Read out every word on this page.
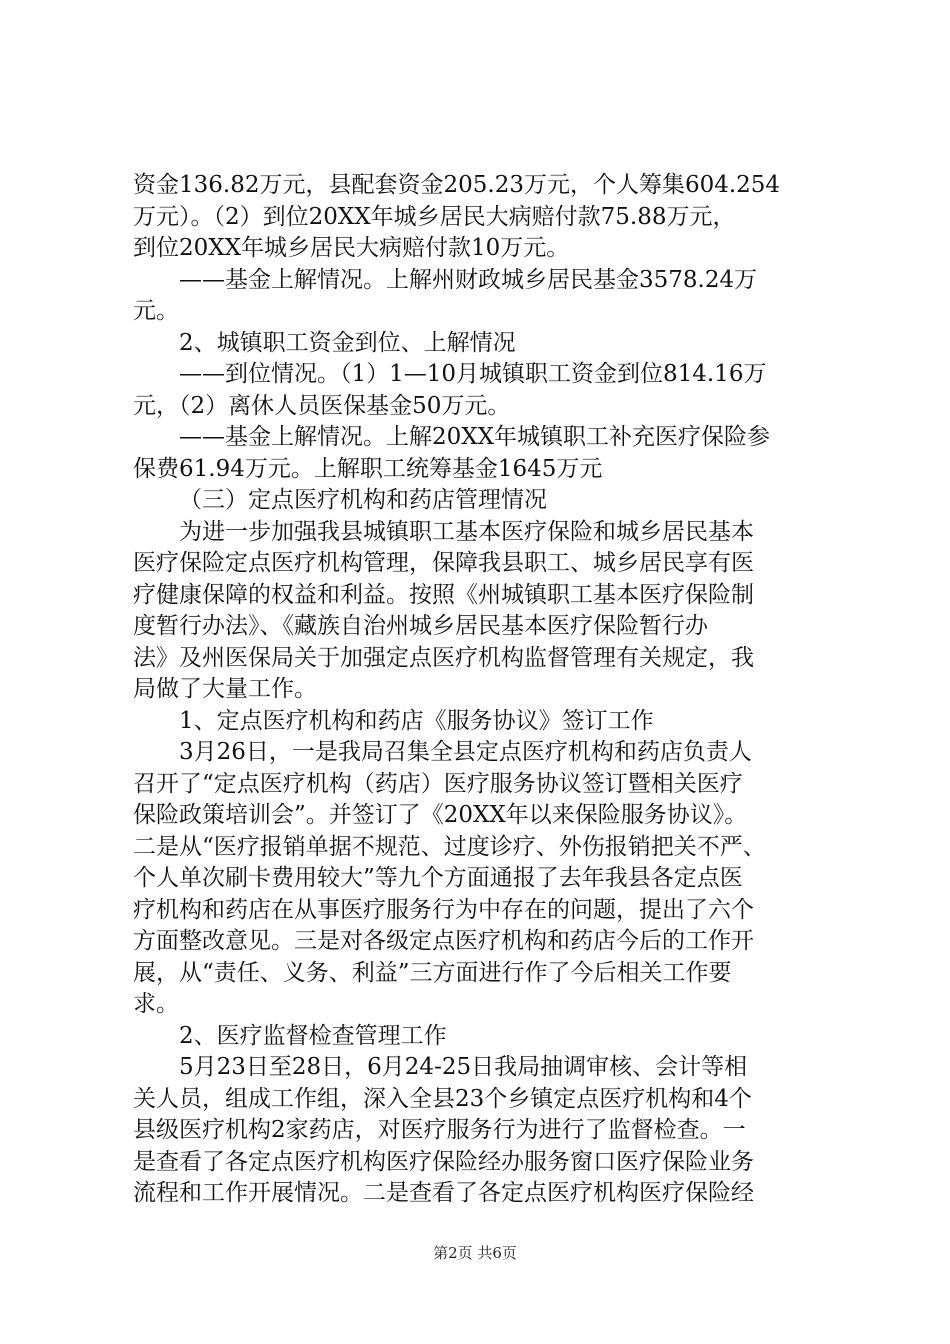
资金136.82万元，县配套资金205.23万元，个人筹集604.254
万元）。（2）到位20XX年城乡居民大病赔付款75.88万元，
到位20XX年城乡居民大病赔付款10万元。
——基金上解情况。上解州财政城乡居民基金3578.24万
元。
2、城镇职工资金到位、上解情况
——到位情况。（1）1—10月城镇职工资金到位814.16万
元，（2）离休人员医保基金50万元。
——基金上解情况。上解20XX年城镇职工补充医疗保险参
保费61.94万元。上解职工统筹基金1645万元
（三）定点医疗机构和药店管理情况
为进一步加强我县城镇职工基本医疗保险和城乡居民基本
医疗保险定点医疗机构管理，保障我县职工、城乡居民享有医
疗健康保障的权益和利益。按照《州城镇职工基本医疗保险制
度暂行办法》、《藏族自治州城乡居民基本医疗保险暂行办
法》及州医保局关于加强定点医疗机构监督管理有关规定，我
局做了大量工作。
1、定点医疗机构和药店《服务协议》签订工作
3月26日，一是我局召集全县定点医疗机构和药店负责人
召开了“定点医疗机构（药店）医疗服务协议签订暨相关医疗
保险政策培训会”。并签订了《20XX年以来保险服务协议》。
二是从“医疗报销单据不规范、过度诊疗、外伤报销把关不严、
个人单次刷卡费用较大”等九个方面通报了去年我县各定点医
疗机构和药店在从事医疗服务行为中存在的问题，提出了六个
方面整改意见。三是对各级定点医疗机构和药店今后的工作开
展，从“责任、义务、利益”三方面进行作了今后相关工作要
求。
2、医疗监督检查管理工作
5月23日至28日，6月24-25日我局抽调审核、会计等相
关人员，组成工作组，深入全县23个乡镇定点医疗机构和4个
县级医疗机构2家药店，对医疗服务行为进行了监督检查。一
是查看了各定点医疗机构医疗保险经办服务窗口医疗保险业务
流程和工作开展情况。二是查看了各定点医疗机构医疗保险经
第2页 共6页
